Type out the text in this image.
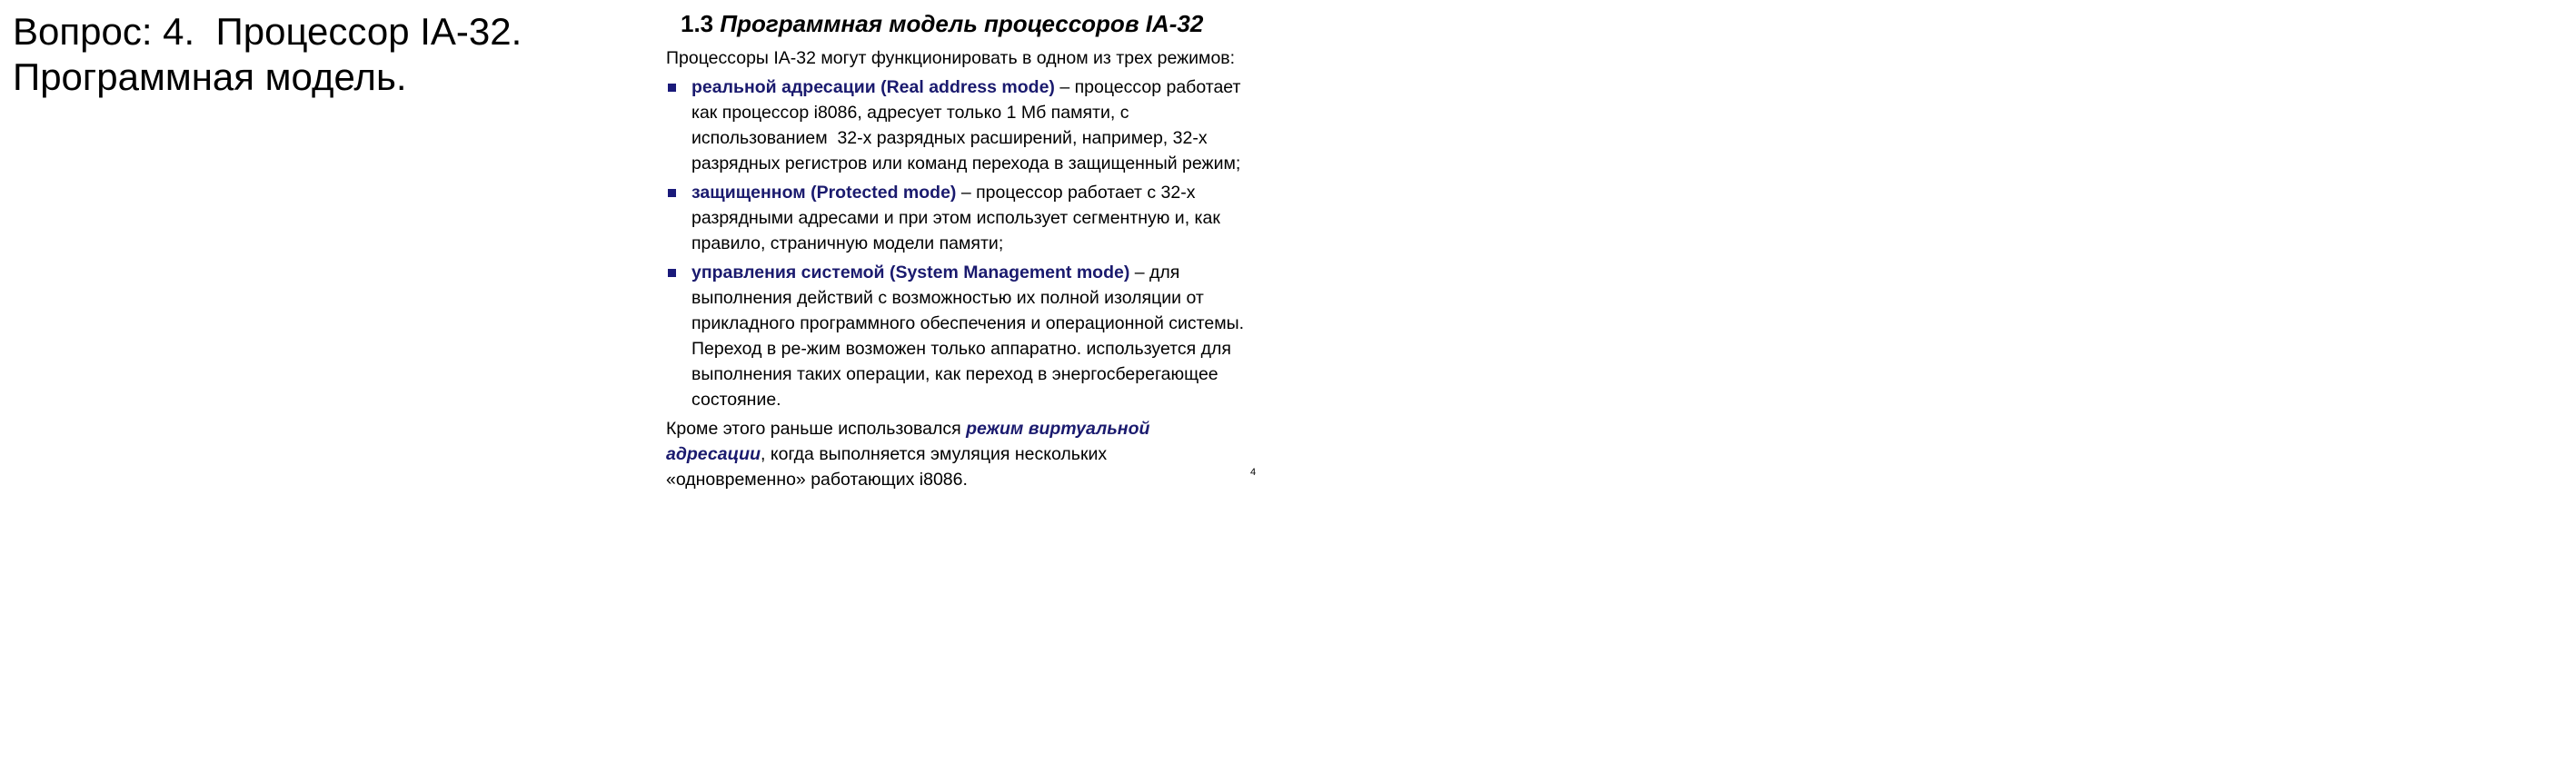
Вопрос: 4.  Процессор IA-32.
Программная модель.
1.3 Программная модель процессоров IA-32
Процессоры IA-32 могут функционировать в одном из трех режимов:
реальной адресации (Real address mode) – процессор работает
как процессор i8086, адресует только 1 Мб памяти, с
использованием  32-х разрядных расширений, например, 32-х
разрядных регистров или команд перехода в защищенный режим;
защищенном (Protected mode) – процессор работает с 32-х
разрядными адресами и при этом использует сегментную и, как
правило, страничную модели памяти;
управления системой (System Management mode) – для
выполнения действий с возможностью их полной изоляции от
прикладного программного обеспечения и операционной системы.
Переход в ре-жим возможен только аппаратно. используется для
выполнения таких операции, как переход в энергосберегающее
состояние.
Кроме этого раньше использовался режим виртуальной
адресации, когда выполняется эмуляция нескольких
«одновременно» работающих i8086.	4
